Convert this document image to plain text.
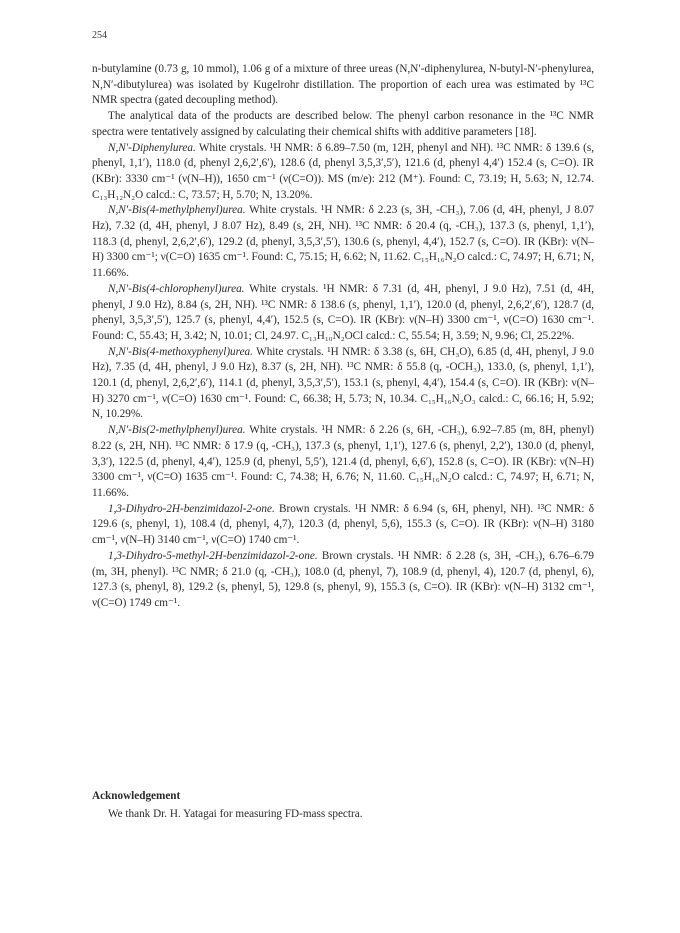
254

n-butylamine (0.73 g, 10 mmol), 1.06 g of a mixture of three ureas (N,N′-diphenylurea, N-butyl-N′-phenylurea, N,N′-dibutylurea) was isolated by Kugelrohr distillation. The proportion of each urea was estimated by ¹³C NMR spectra (gated decoupling method).

The analytical data of the products are described below. The phenyl carbon resonance in the ¹³C NMR spectra were tentatively assigned by calculating their chemical shifts with additive parameters [18].

N,N′-Diphenylurea. White crystals. ¹H NMR: δ 6.89–7.50 (m, 12H, phenyl and NH). ¹³C NMR: δ 139.6 (s, phenyl, 1,1′), 118.0 (d, phenyl 2,6,2′,6′), 128.6 (d, phenyl 3,5,3′,5′), 121.6 (d, phenyl 4,4′) 152.4 (s, C=O). IR (KBr): 3330 cm⁻¹ (ν(N–H)), 1650 cm⁻¹ (ν(C=O)). MS (m/e): 212 (M⁺). Found: C, 73.19; H, 5.63; N, 12.74. C₁₃H₁₂N₂O calcd.: C, 73.57; H, 5.70; N, 13.20%.

N,N′-Bis(4-methylphenyl)urea. White crystals. ¹H NMR: δ 2.23 (s, 3H, -CH₃), 7.06 (d, 4H, phenyl, J 8.07 Hz), 7.32 (d, 4H, phenyl, J 8.07 Hz), 8.49 (s, 2H, NH). ¹³C NMR: δ 20.4 (q, -CH₃), 137.3 (s, phenyl, 1,1′), 118.3 (d, phenyl, 2,6,2′,6′), 129.2 (d, phenyl, 3,5,3′,5′), 130.6 (s, phenyl, 4,4′), 152.7 (s, C=O). IR (KBr): ν(N–H) 3300 cm⁻¹; ν(C=O) 1635 cm⁻¹. Found: C, 75.15; H, 6.62; N, 11.62. C₁₅H₁₆N₂O calcd.: C, 74.97; H, 6.71; N, 11.66%.

N,N′-Bis(4-chlorophenyl)urea. White crystals. ¹H NMR: δ 7.31 (d, 4H, phenyl, J 9.0 Hz), 7.51 (d, 4H, phenyl, J 9.0 Hz), 8.84 (s, 2H, NH). ¹³C NMR: δ 138.6 (s, phenyl, 1,1′), 120.0 (d, phenyl, 2,6,2′,6′), 128.7 (d, phenyl, 3,5,3′,5′), 125.7 (s, phenyl, 4,4′), 152.5 (s, C=O). IR (KBr): ν(N–H) 3300 cm⁻¹, ν(C=O) 1630 cm⁻¹. Found: C, 55.43; H, 3.42; N, 10.01; Cl, 24.97. C₁₃H₁₀N₂OCl calcd.: C, 55.54; H, 3.59; N, 9.96; Cl, 25.22%.

N,N′-Bis(4-methoxyphenyl)urea. White crystals. ¹H NMR: δ 3.38 (s, 6H, CH₃O), 6.85 (d, 4H, phenyl, J 9.0 Hz), 7.35 (d, 4H, phenyl, J 9.0 Hz), 8.37 (s, 2H, NH). ¹³C NMR: δ 55.8 (q, -OCH₃), 133.0, (s, phenyl, 1,1′), 120.1 (d, phenyl, 2,6,2′,6′), 114.1 (d, phenyl, 3,5,3′,5′), 153.1 (s, phenyl, 4,4′), 154.4 (s, C=O). IR (KBr): ν(N–H) 3270 cm⁻¹, ν(C=O) 1630 cm⁻¹. Found: C, 66.38; H, 5.73; N, 10.34. C₁₅H₁₆N₂O₃ calcd.: C, 66.16; H, 5.92; N, 10.29%.

N,N′-Bis(2-methylphenyl)urea. White crystals. ¹H NMR: δ 2.26 (s, 6H, -CH₃), 6.92–7.85 (m, 8H, phenyl) 8.22 (s, 2H, NH). ¹³C NMR: δ 17.9 (q, -CH₃), 137.3 (s, phenyl, 1,1′), 127.6 (s, phenyl, 2,2′), 130.0 (d, phenyl, 3,3′), 122.5 (d, phenyl, 4,4′), 125.9 (d, phenyl, 5,5′), 121.4 (d, phenyl, 6,6′), 152.8 (s, C=O). IR (KBr): ν(N–H) 3300 cm⁻¹, ν(C=O) 1635 cm⁻¹. Found: C, 74.38; H, 6.76; N, 11.60. C₁₅H₁₆N₂O calcd.: C, 74.97; H, 6.71; N, 11.66%.

1,3-Dihydro-2H-benzimidazol-2-one. Brown crystals. ¹H NMR: δ 6.94 (s, 6H, phenyl, NH). ¹³C NMR: δ 129.6 (s, phenyl, 1), 108.4 (d, phenyl, 4,7), 120.3 (d, phenyl, 5,6), 155.3 (s, C=O). IR (KBr): ν(N–H) 3180 cm⁻¹, ν(N–H) 3140 cm⁻¹, ν(C=O) 1740 cm⁻¹.

1,3-Dihydro-5-methyl-2H-benzimidazol-2-one. Brown crystals. ¹H NMR: δ 2.28 (s, 3H, -CH₃), 6.76–6.79 (m, 3H, phenyl). ¹³C NMR; δ 21.0 (q, -CH₃), 108.0 (d, phenyl, 7), 108.9 (d, phenyl, 4), 120.7 (d, phenyl, 6), 127.3 (s, phenyl, 8), 129.2 (s, phenyl, 5), 129.8 (s, phenyl, 9), 155.3 (s, C=O). IR (KBr): ν(N–H) 3132 cm⁻¹, ν(C=O) 1749 cm⁻¹.

Acknowledgement
We thank Dr. H. Yatagai for measuring FD-mass spectra.
